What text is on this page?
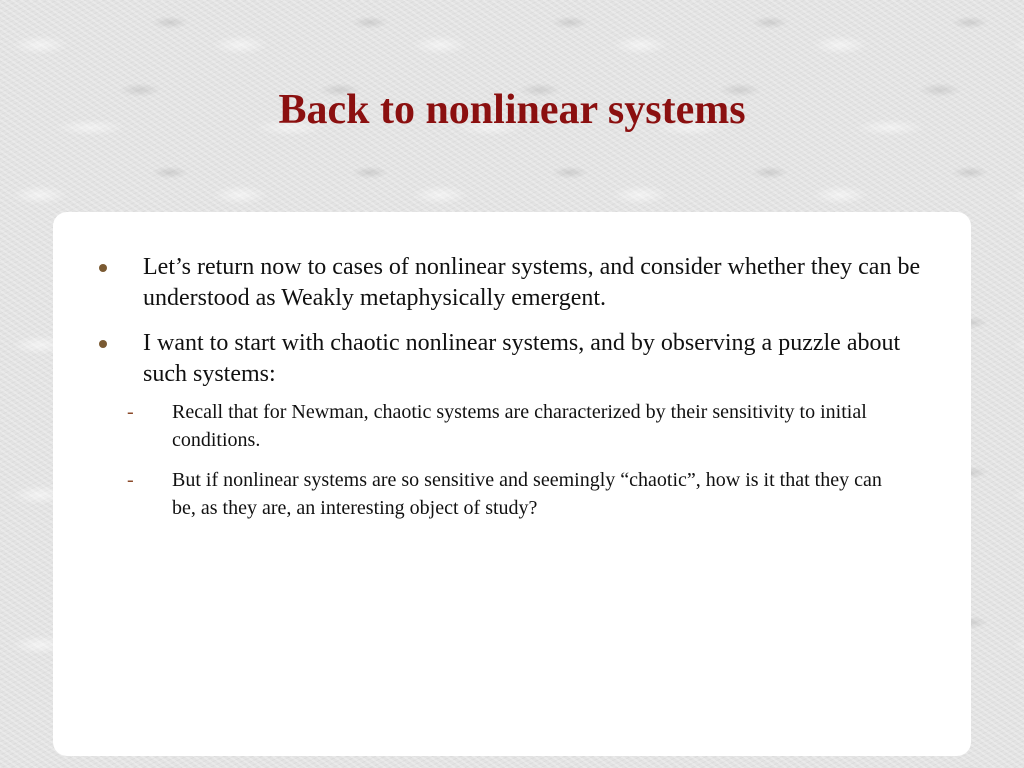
Back to nonlinear systems
Let’s return now to cases of nonlinear systems, and consider whether they can be understood as Weakly metaphysically emergent.
I want to start with chaotic nonlinear systems, and by observing a puzzle about such systems:
- Recall that for Newman, chaotic systems are characterized by their sensitivity to initial conditions.
- But if nonlinear systems are so sensitive and seemingly “chaotic”, how is it that they can be, as they are, an interesting object of study?
